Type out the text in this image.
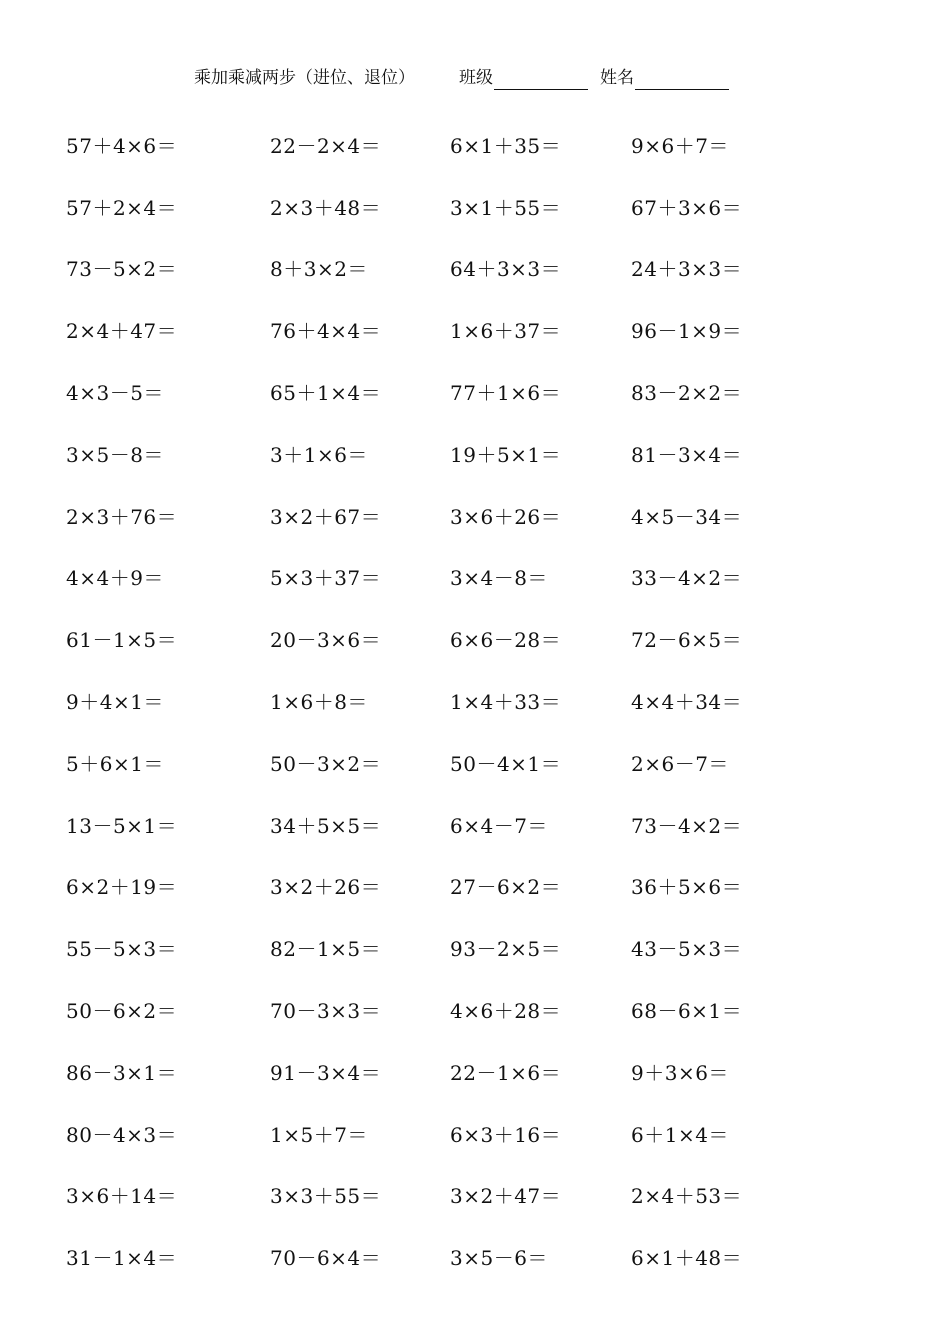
乘加乘减两步（进位、退位）	班级	姓名
57＋4×6＝	22－2×4＝	6×1＋35＝	9×6＋7＝
57＋2×4＝	2×3＋48＝	3×1＋55＝	67＋3×6＝
73－5×2＝	8＋3×2＝	64＋3×3＝	24＋3×3＝
2×4＋47＝	76＋4×4＝	1×6＋37＝	96－1×9＝
4×3－5＝	65＋1×4＝	77＋1×6＝	83－2×2＝
3×5－8＝	3＋1×6＝	19＋5×1＝	81－3×4＝
2×3＋76＝	3×2＋67＝	3×6＋26＝	4×5－34＝
4×4＋9＝	5×3＋37＝	3×4－8＝	33－4×2＝
61－1×5＝	20－3×6＝	6×6－28＝	72－6×5＝
9＋4×1＝	1×6＋8＝	1×4＋33＝	4×4＋34＝
5＋6×1＝	50－3×2＝	50－4×1＝	2×6－7＝
13－5×1＝	34＋5×5＝	6×4－7＝	73－4×2＝
6×2＋19＝	3×2＋26＝	27－6×2＝	36＋5×6＝
55－5×3＝	82－1×5＝	93－2×5＝	43－5×3＝
50－6×2＝	70－3×3＝	4×6＋28＝	68－6×1＝
86－3×1＝	91－3×4＝	22－1×6＝	9＋3×6＝
80－4×3＝	1×5＋7＝	6×3＋16＝	6＋1×4＝
3×6＋14＝	3×3＋55＝	3×2＋47＝	2×4＋53＝
31－1×4＝	70－6×4＝	3×5－6＝	6×1＋48＝
